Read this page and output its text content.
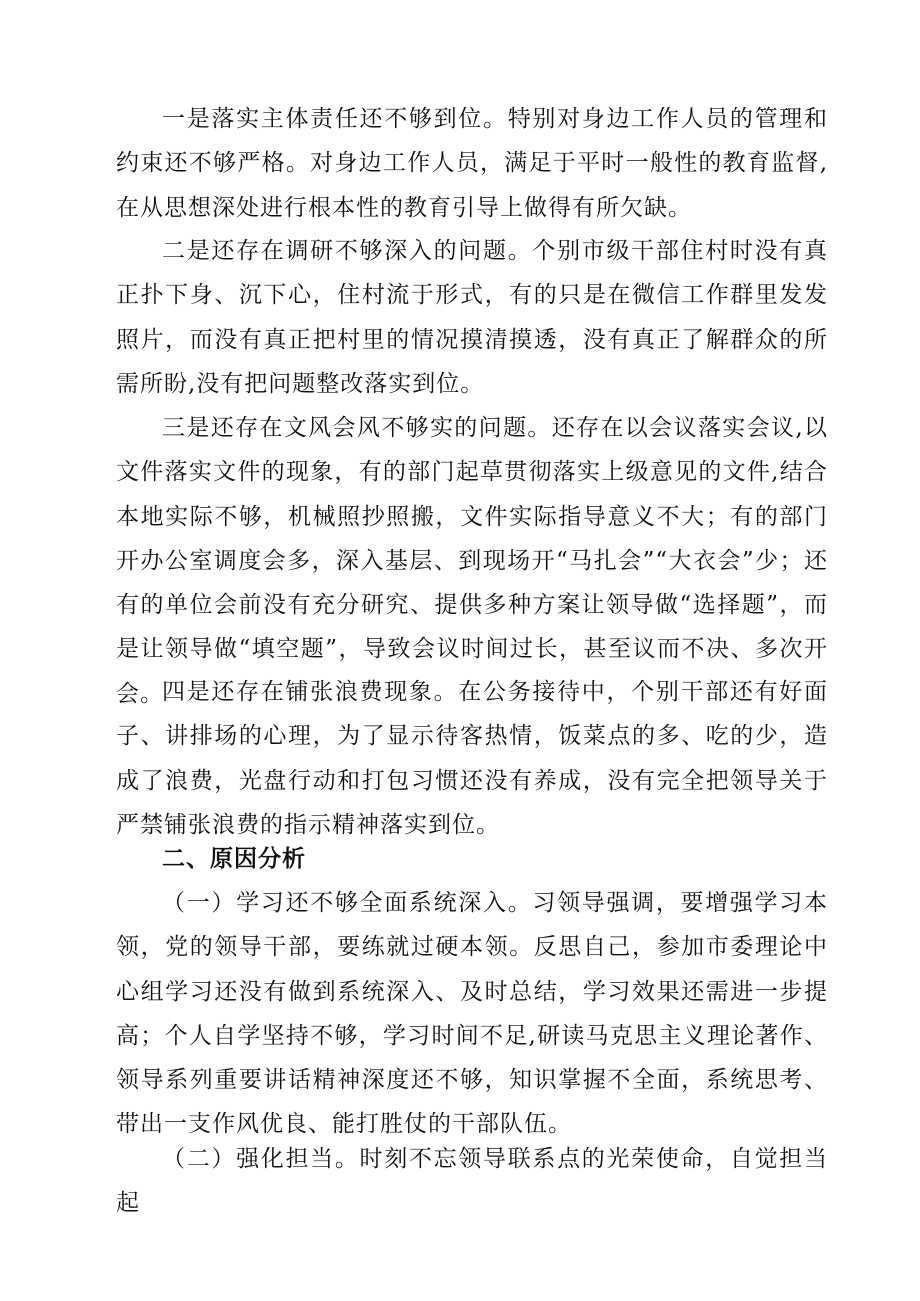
一是落实主体责任还不够到位。特别对身边工作人员的管理和约束还不够严格。对身边工作人员，满足于平时一般性的教育监督,在从思想深处进行根本性的教育引导上做得有所欠缺。

二是还存在调研不够深入的问题。个别市级干部住村时没有真正扑下身、沉下心，住村流于形式，有的只是在微信工作群里发发照片，而没有真正把村里的情况摸清摸透，没有真正了解群众的所需所盼,没有把问题整改落实到位。

三是还存在文风会风不够实的问题。还存在以会议落实会议,以文件落实文件的现象，有的部门起草贯彻落实上级意见的文件,结合本地实际不够，机械照抄照搬，文件实际指导意义不大；有的部门开办公室调度会多，深入基层、到现场开“马扎会”“大衣会”少；还有的单位会前没有充分研究、提供多种方案让领导做“选择题”，而是让领导做“填空题”，导致会议时间过长，甚至议而不决、多次开会。

四是还存在铺张浪费现象。在公务接待中，个别干部还有好面子、讲排场的心理，为了显示待客热情，饭菜点的多、吃的少，造成了浪费，光盘行动和打包习惯还没有养成，没有完全把领导关于严禁铺张浪费的指示精神落实到位。

二、原因分析

（一）学习还不够全面系统深入。习领导强调，要增强学习本领，党的领导干部，要练就过硬本领。反思自己，参加市委理论中心组学习还没有做到系统深入、及时总结，学习效果还需进一步提高；个人自学坚持不够，学习时间不足,研读马克思主义理论著作、领导系列重要讲话精神深度还不够，知识掌握不全面，系统思考、带出一支作风优良、能打胜仗的干部队伍。

（二）强化担当。时刻不忘领导联系点的光荣使命，自觉担当起
